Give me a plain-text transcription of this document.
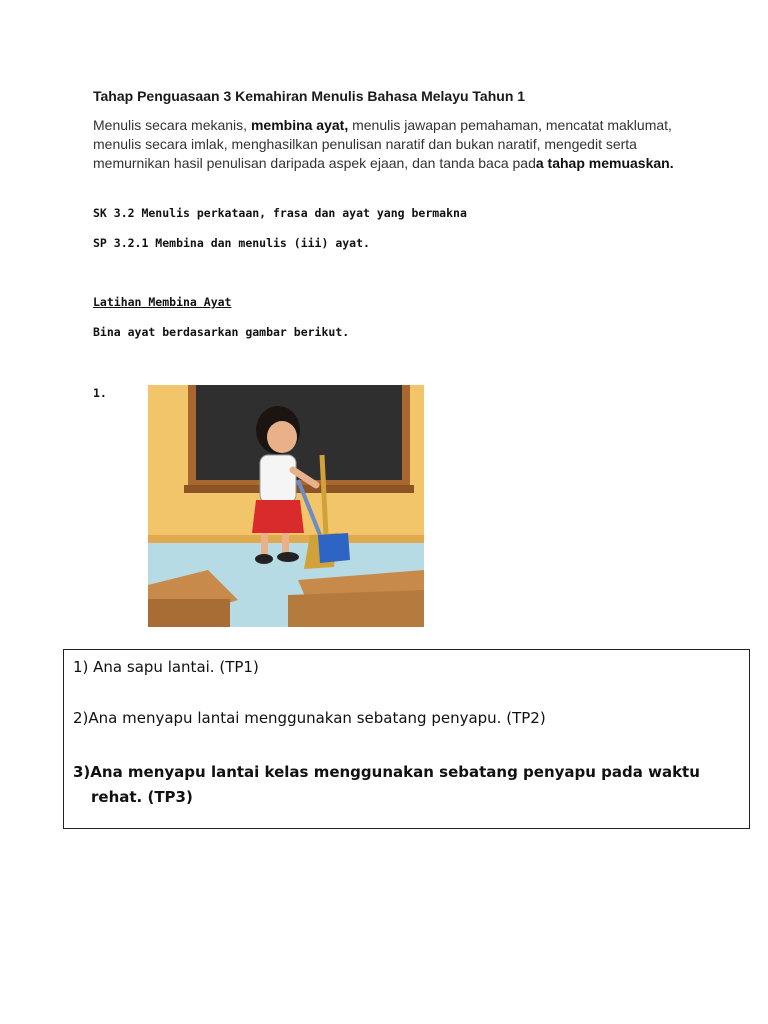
Tahap Penguasaan 3 Kemahiran Menulis Bahasa Melayu Tahun 1
Menulis secara mekanis, membina ayat, menulis jawapan pemahaman, mencatat maklumat, menulis secara imlak, menghasilkan penulisan naratif dan bukan naratif, mengedit serta memurnikan hasil penulisan daripada aspek ejaan, dan tanda baca pada tahap memuaskan.
SK 3.2 Menulis perkataan, frasa dan ayat yang bermakna
SP 3.2.1 Membina dan menulis (iii) ayat.
Latihan Membina Ayat
Bina ayat berdasarkan gambar berikut.
1.
1) Ana sapu lantai. (TP1)
2)Ana menyapu lantai menggunakan sebatang penyapu. (TP2)
3)Ana menyapu lantai kelas menggunakan sebatang penyapu pada waktu
rehat. (TP3)
